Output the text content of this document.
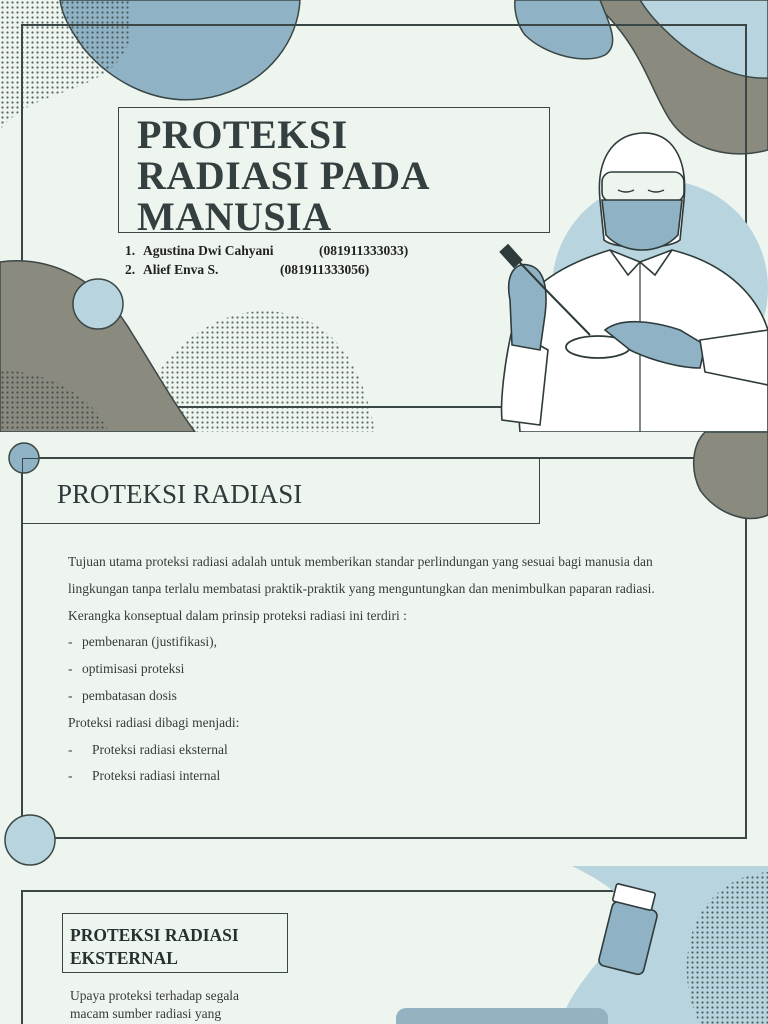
PROTEKSI
RADIASI PADA
MANUSIA
1. Agustina Dwi Cahyani	(081911333033)
2. Alief Enva S.	(081911333056)
PROTEKSI RADIASI

Tujuan utama proteksi radiasi adalah untuk memberikan standar perlindungan yang sesuai bagi manusia dan lingkungan tanpa terlalu membatasi praktik-praktik yang menguntungkan dan menimbulkan paparan radiasi.

Kerangka konseptual dalam prinsip proteksi radiasi ini terdiri :

- pembenaran (justifikasi),
- optimisasi proteksi
- pembatasan dosis

Proteksi radiasi dibagi menjadi:

-	Proteksi radiasi eksternal
-	Proteksi radiasi internal
PROTEKSI RADIASI
EKSTERNAL
Upaya proteksi terhadap segala
macam sumber radiasi yang
